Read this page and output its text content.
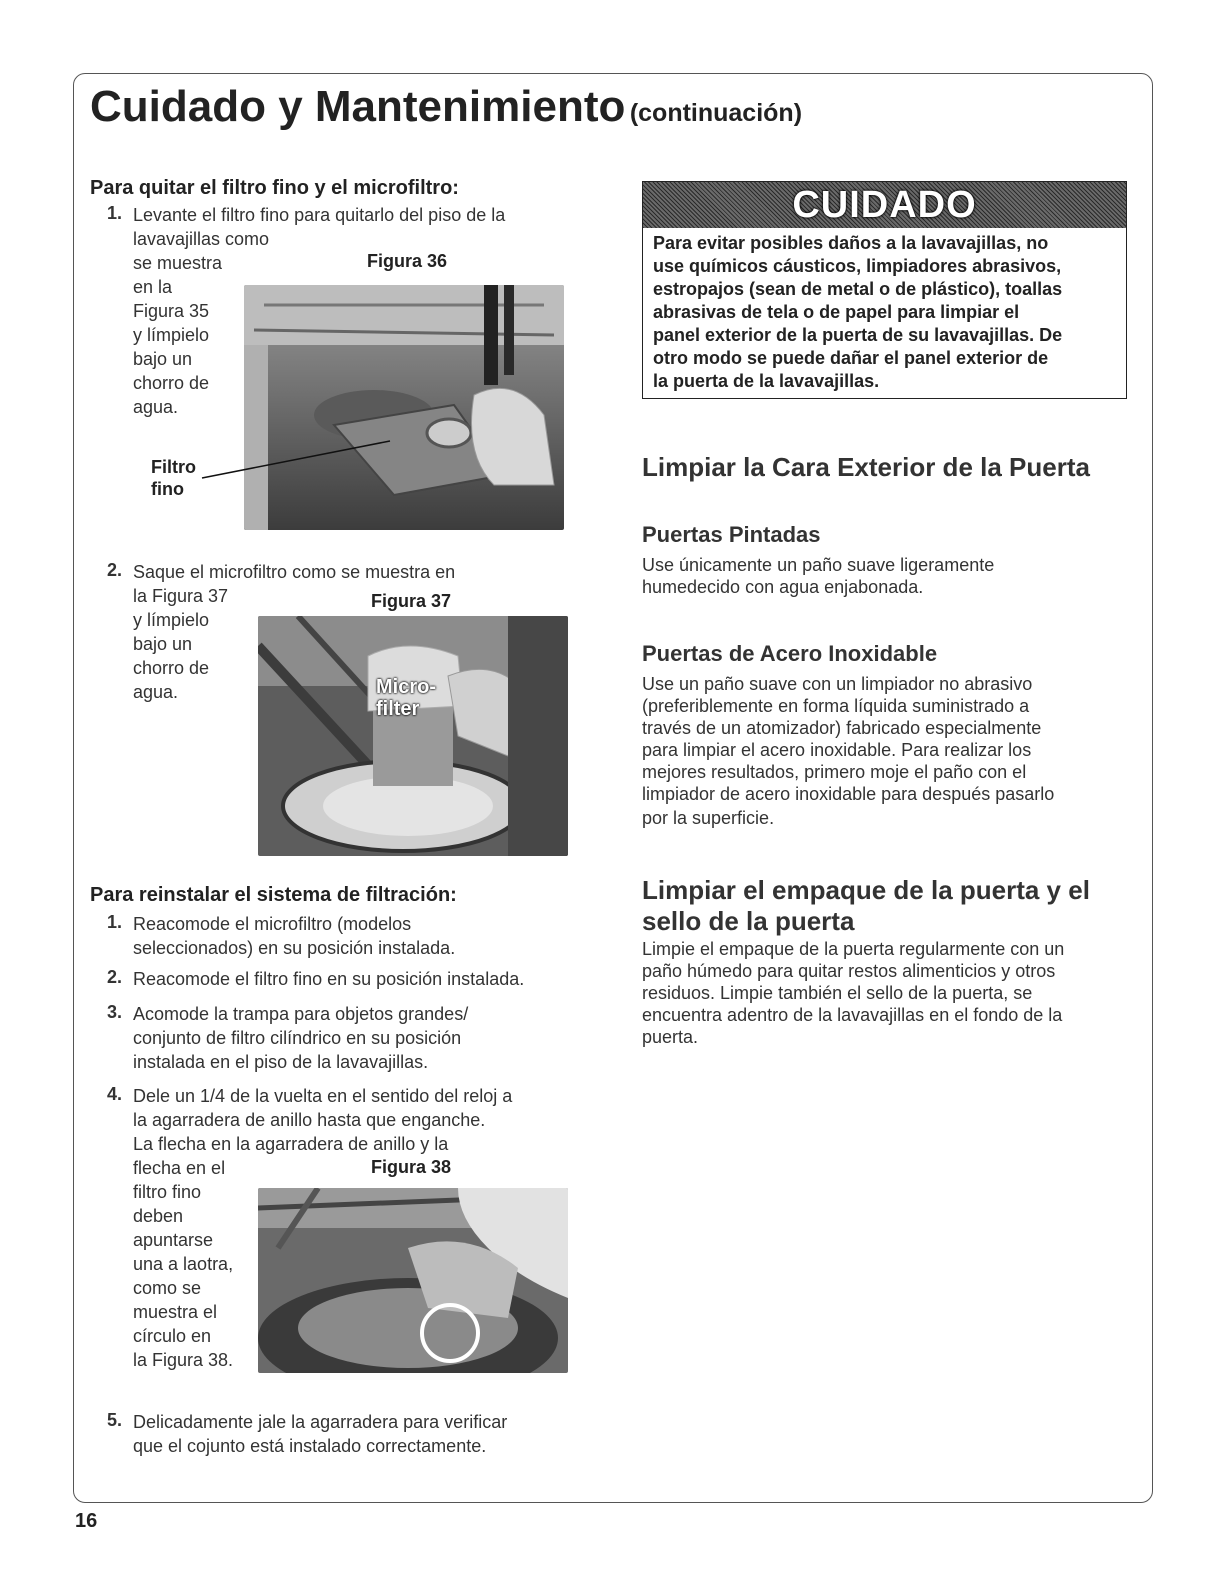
Cuidado y Mantenimiento (continuación)
Para quitar el filtro fino y el microfiltro:
1. Levante el filtro fino para quitarlo del piso de la
lavavajillas como
se muestra
en la
Figura 35
y límpielo
bajo un
chorro de
agua.
Figura 36
Filtro
fino
2. Saque el microfiltro como se muestra en
la Figura 37
y límpielo
bajo un
chorro de
agua.
Figura 37
Micro-
filter
Para reinstalar el sistema de filtración:
1. Reacomode el microfiltro (modelos
seleccionados) en su posición instalada.
2. Reacomode el filtro fino en su posición instalada.
3. Acomode la trampa para objetos grandes/
conjunto de filtro cilíndrico en su posición
instalada en el piso de la lavavajillas.
4. Dele un 1/4 de la vuelta en el sentido del reloj a
la agarradera de anillo hasta que enganche.
La flecha en la agarradera de anillo y la
flecha en el
filtro fino
deben
apuntarse
una a laotra,
como se
muestra el
círculo en
la Figura 38.
Figura 38
5. Delicadamente jale la agarradera para verificar
que el cojunto está instalado correctamente.
CUIDADO
Para evitar posibles daños a la lavavajillas, no
use químicos cáusticos, limpiadores abrasivos,
estropajos (sean de metal o de plástico), toallas
abrasivas de tela o de papel para limpiar el
panel exterior de la puerta de su lavavajillas. De
otro modo se puede dañar el panel exterior de
la puerta de la lavavajillas.
Limpiar la Cara Exterior de la Puerta
Puertas Pintadas
Use únicamente un paño suave ligeramente
humedecido con agua enjabonada.
Puertas de Acero Inoxidable
Use un paño suave con un limpiador no abrasivo
(preferiblemente en forma líquida suministrado a
través de un atomizador) fabricado especialmente
para limpiar el acero inoxidable. Para realizar los
mejores resultados, primero moje el paño con el
limpiador de acero inoxidable para después pasarlo
por la superficie.
Limpiar el empaque de la puerta y el
sello de la puerta
Limpie el empaque de la puerta regularmente con un
paño húmedo para quitar restos alimenticios y otros
residuos. Limpie también el sello de la puerta, se
encuentra adentro de la lavavajillas en el fondo de la
puerta.
16
